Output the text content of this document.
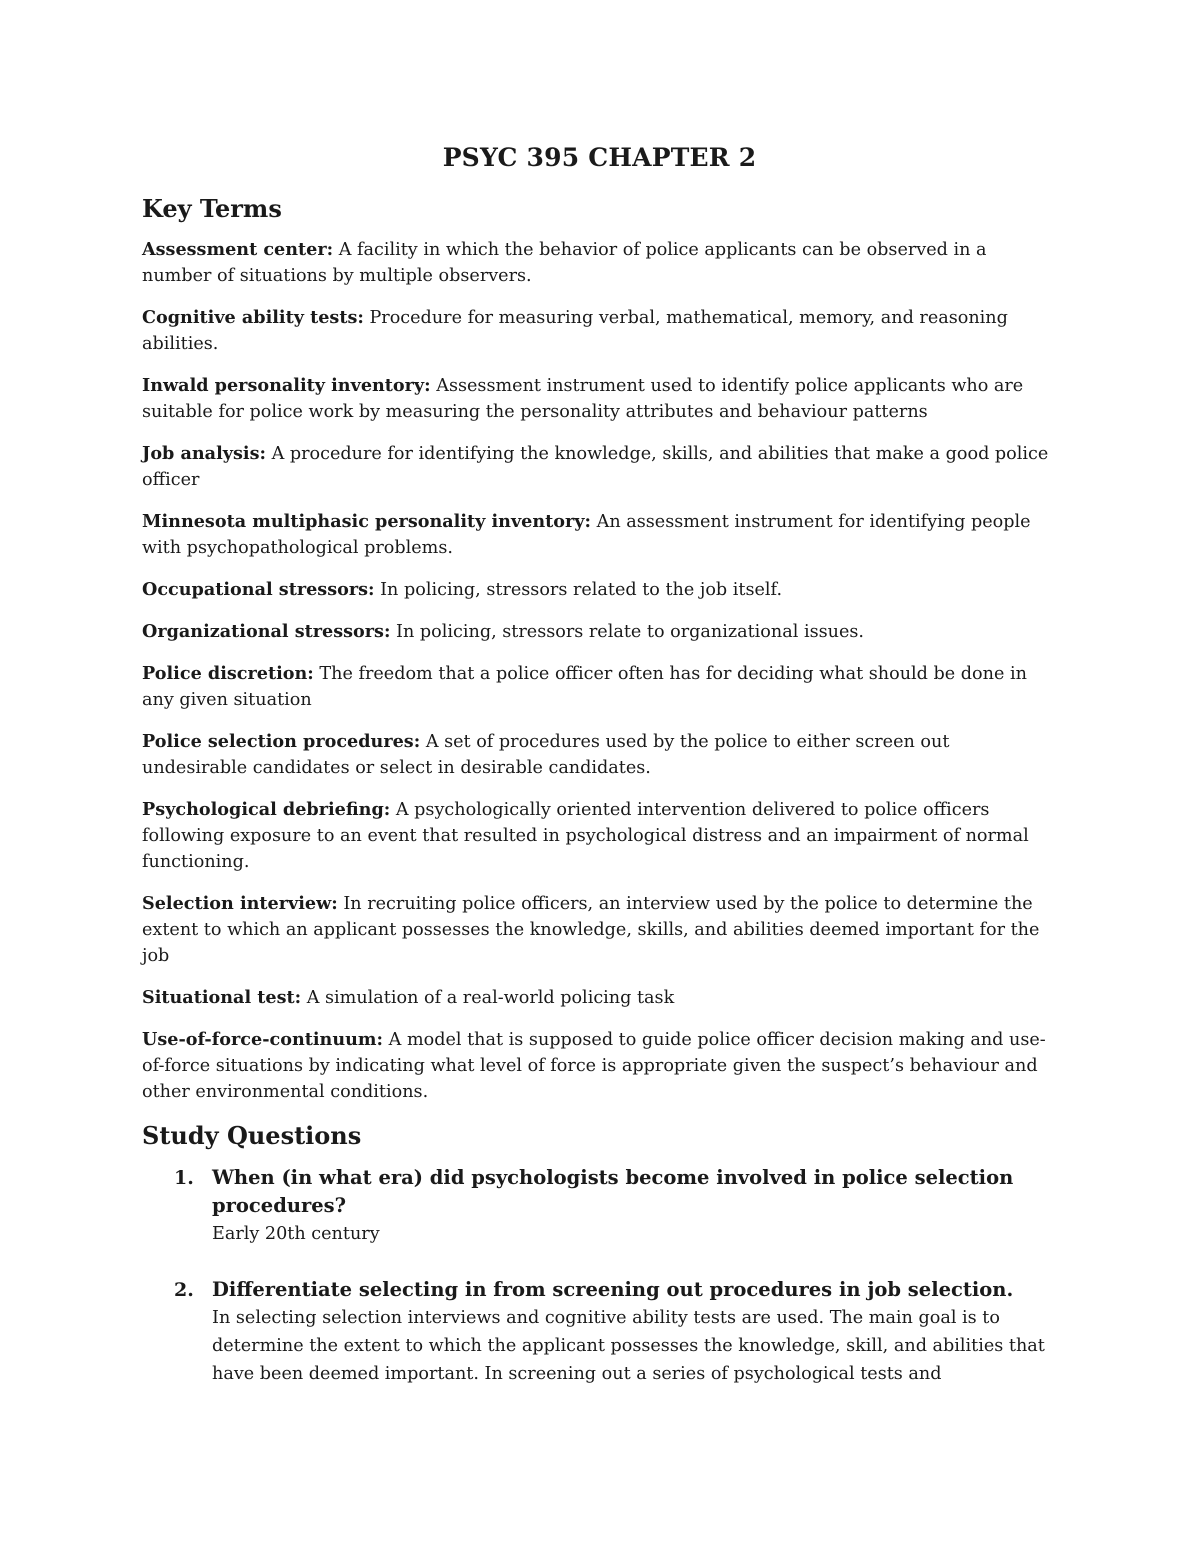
PSYC 395 CHAPTER 2
Key Terms

Assessment center: A facility in which the behavior of police applicants can be observed in a number of situations by multiple observers.

Cognitive ability tests: Procedure for measuring verbal, mathematical, memory, and reasoning abilities.

Inwald personality inventory: Assessment instrument used to identify police applicants who are suitable for police work by measuring the personality attributes and behaviour patterns

Job analysis: A procedure for identifying the knowledge, skills, and abilities that make a good police officer

Minnesota multiphasic personality inventory: An assessment instrument for identifying people with psychopathological problems.

Occupational stressors: In policing, stressors related to the job itself.

Organizational stressors: In policing, stressors relate to organizational issues.

Police discretion: The freedom that a police officer often has for deciding what should be done in any given situation

Police selection procedures: A set of procedures used by the police to either screen out undesirable candidates or select in desirable candidates.

Psychological debriefing: A psychologically oriented intervention delivered to police officers following exposure to an event that resulted in psychological distress and an impairment of normal functioning.

Selection interview: In recruiting police officers, an interview used by the police to determine the extent to which an applicant possesses the knowledge, skills, and abilities deemed important for the job

Situational test: A simulation of a real-world policing task

Use-of-force-continuum: A model that is supposed to guide police officer decision making and use-of-force situations by indicating what level of force is appropriate given the suspect’s behaviour and other environmental conditions.

Study Questions
1. When (in what era) did psychologists become involved in police selection procedures?
Early 20th century
2. Differentiate selecting in from screening out procedures in job selection.
In selecting selection interviews and cognitive ability tests are used. The main goal is to determine the extent to which the applicant possesses the knowledge, skill, and abilities that have been deemed important. In screening out a series of psychological tests and
